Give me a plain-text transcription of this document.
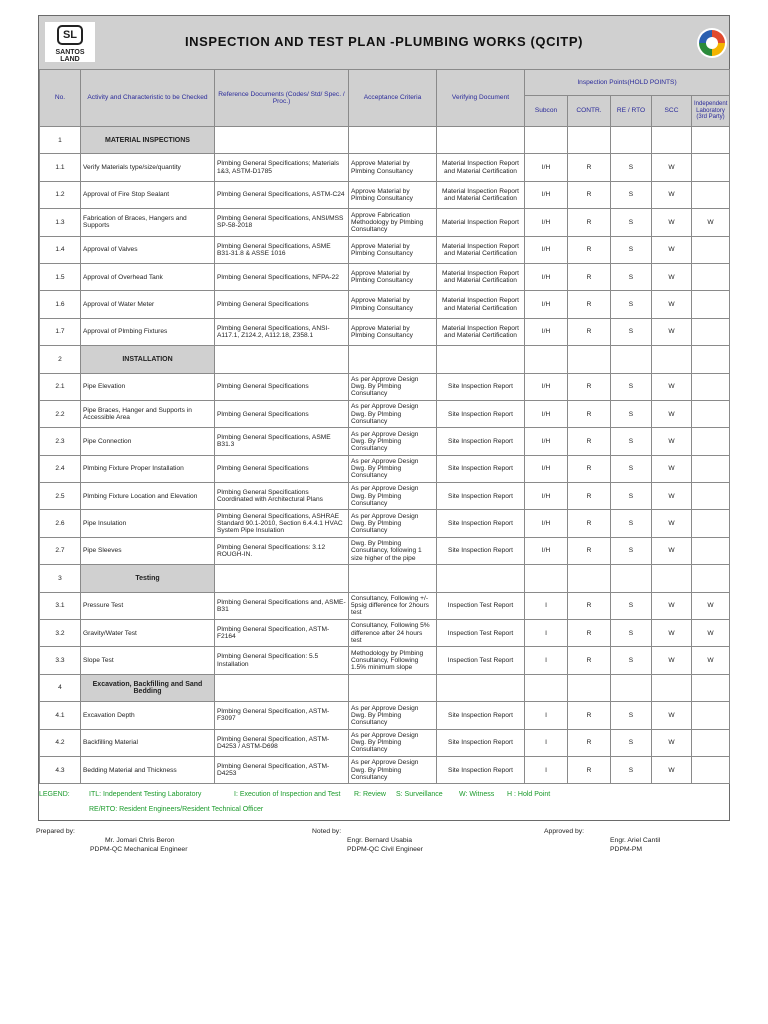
SL
SANTOS LAND
INSPECTION AND TEST PLAN -PLUMBING WORKS (QCITP)
No.	Activity and Characteristic to be Checked	Reference Documents (Codes/ Std/ Spec. / Proc.)	Acceptance Criteria	Verifying Document	Inspection Points(HOLD POINTS)				
					Subcon	CONTR.	RE / RTO	SCC	Independent Laboratory (3rd Party)
1	MATERIAL INSPECTIONS								
1.1	Verify Materials type/size/quantity	Plmbing General Specifications; Materials 1&3, ASTM-D1785	Approve Material by Plmbing Consultancy	Material Inspection Report and Material Certification	I/H	R	S	W	
1.2	Approval of Fire Stop Sealant	Plmbing General Specifications, ASTM-C24	Approve Material by Plmbing Consultancy	Material Inspection Report and Material Certification	I/H	R	S	W	
1.3	Fabrication of Braces, Hangers and Supports	Plmbing General Specifications, ANSI/MSS SP-58-2018	Approve Fabrication Methodology by Plmbing Consultancy	Material Inspection Report	I/H	R	S	W	W
1.4	Approval of Valves	Plmbing General Specifications, ASME B31-31.8 & ASSE 1016	Approve Material by Plmbing Consultancy	Material Inspection Report and Material Certification	I/H	R	S	W	
1.5	Approval of Overhead Tank	Plmbing General Specifications, NFPA-22	Approve Material by Plmbing Consultancy	Material Inspection Report and Material Certification	I/H	R	S	W	
1.6	Approval of Water Meter	Plmbing General Specifications	Approve Material by Plmbing Consultancy	Material Inspection Report and Material Certification	I/H	R	S	W	
1.7	Approval of Plmbing Fixtures	Plmbing General Specifications, ANSI- A117.1, Z124.2, A112.18, Z358.1	Approve Material by Plmbing Consultancy	Material Inspection Report and Material Certification	I/H	R	S	W	
2	INSTALLATION								
2.1	Pipe Elevation	Plmbing General Specifications	As per Approve Design Dwg. By Plmbing Consultancy	Site Inspection Report	I/H	R	S	W	
2.2	Pipe Braces, Hanger and Supports in Accessible Area	Plmbing General Specifications	As per Approve Design Dwg. By Plmbing Consultancy	Site Inspection Report	I/H	R	S	W	
2.3	Pipe Connection	Plmbing General Specifications, ASME B31.3	As per Approve Design Dwg. By Plmbing Consultancy	Site Inspection Report	I/H	R	S	W	
2.4	Plmbing Fixture Proper Installation	Plmbing General Specifications	As per Approve Design Dwg. By Plmbing Consultancy	Site Inspection Report	I/H	R	S	W	
2.5	Plmbing Fixture Location and Elevation	Plmbing General Specifications Coordinated with Architectural Plans	As per Approve Design Dwg. By Plmbing Consultancy	Site Inspection Report	I/H	R	S	W	
2.6	Pipe Insulation	Plmbing General Specifications, ASHRAE Standard 90.1-2010, Section 6.4.4.1 HVAC System Pipe Insulation	As per Approve Design Dwg. By Plmbing Consultancy	Site Inspection Report	I/H	R	S	W	
2.7	Pipe Sleeves	Plmbing General Specifications: 3.12 ROUGH-IN.	Dwg. By Plmbing Consultancy, following 1 size higher of the pipe	Site Inspection Report	I/H	R	S	W	
3	Testing								
3.1	Pressure Test	Plmbing General Specifications and, ASME-B31	Consultancy, Following +/- 5psig difference for 2hours test	Inspection Test Report	I	R	S	W	W
3.2	Gravity/Water Test	Plmbing General Specification, ASTM-F2164	Consultancy, Following 5% difference after 24 hours test	Inspection Test Report	I	R	S	W	W
3.3	Slope Test	Plmbing General Specification: 5.5 Installation	Methodology by Plmbing Consultancy, Following 1.5% minimum slope	Inspection Test Report	I	R	S	W	W
4	Excavation, Backfilling and Sand Bedding								
4.1	Excavation Depth	Plmbing General Specification, ASTM-F3097	As per Approve Design Dwg. By Plmbing Consultancy	Site Inspection Report	I	R	S	W	
4.2	Backfilling Material	Plmbing General Specification, ASTM-D4253 / ASTM-D698	As per Approve Design Dwg. By Plmbing Consultancy	Site Inspection Report	I	R	S	W	
4.3	Bedding Material and Thickness	Plmbing General Specification, ASTM-D4253	As per Approve Design Dwg. By Plmbing Consultancy	Site Inspection Report	I	R	S	W	
LEGEND:	ITL: Independent Testing Laboratory	I: Execution of Inspection and Test R: Review S: Surveillance W: Witness H : Hold Point
RE/RTO: Resident Engineers/Resident Technical Officer
Prepared by:
Mr. Jomari Chris Beron
PDPM-QC Mechanical Engineer
Noted by:
Engr. Bernard Usabia
PDPM-QC Civil Engineer
Approved by:
Engr. Ariel Cantil
PDPM-PM
